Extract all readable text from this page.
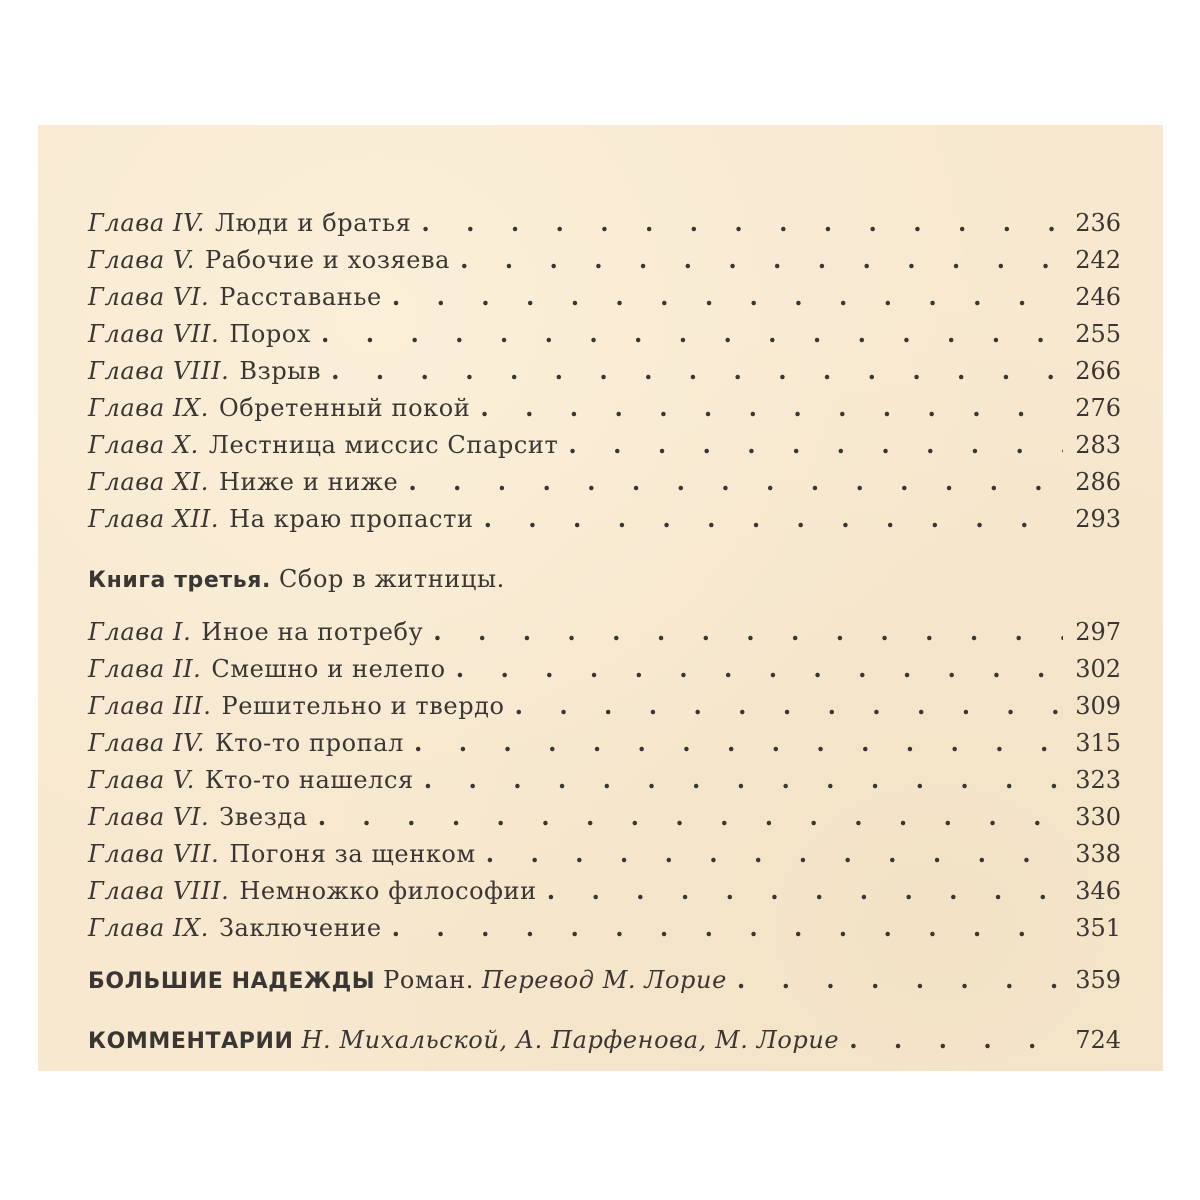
Глава IV. Люди и братья . . .	236
Глава V. Рабочие и хозяева . . .	242
Глава VI. Расставанье . . .	246
Глава VII. Порох . . .	255
Глава VIII. Взрыв . . .	266
Глава IX. Обретенный покой . . .	276
Глава X. Лестница миссис Спарсит . . .	283
Глава XI. Ниже и ниже . . .	286
Глава XII. На краю пропасти . . .	293
Книга третья. Сбор в житницы.
Глава I. Иное на потребу . . .	297
Глава II. Смешно и нелепо . . .	302
Глава III. Решительно и твердо . . .	309
Глава IV. Кто-то пропал . . .	315
Глава V. Кто-то нашелся . . .	323
Глава VI. Звезда . . .	330
Глава VII. Погоня за щенком . . .	338
Глава VIII. Немножко философии . . .	346
Глава IX. Заключение . . .	351
БОЛЬШИЕ НАДЕЖДЫ Роман. Перевод М. Лорие . . .	359
КОММЕНТАРИИ Н. Михальской, А. Парфенова, М. Лорие . . .	724
